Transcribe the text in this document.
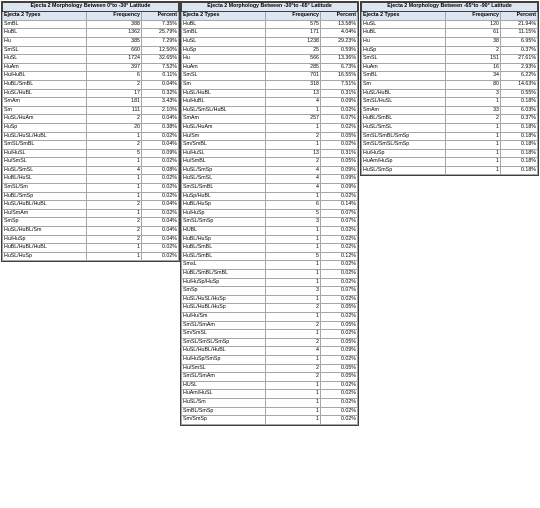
Ejecta 2 Morphology Between 0°to -30° Latitude		
Ejecta 2 Types	Frequency	Percent
SmBL	388	7.35%
HuBL	1362	25.79%
Hu	385	7.29%
SmSL	660	12.50%
HuSL	1724	32.65%
HuAm	397	7.52%
Hu/HuBL	6	0.11%
HuBL/SmBL	2	0.04%
HuSL/HuBL	17	0.32%
SmAm	181	3.43%
Sm	111	2.10%
HuSL/HuAm	2	0.04%
HuSp	20	0.38%
HuSL/HuSL/HuBL	1	0.02%
SmSL/SmBL	2	0.04%
Hu/HuSL	5	0.09%
Hu/SmSL	1	0.02%
HuSL/SmSL	4	0.08%
HuBL/HuSL	1	0.02%
SmSL/Sm	1	0.02%
HuBL/SmSp	1	0.02%
HuSL/HuBL/HuBL	2	0.04%
Hu/SmAm	1	0.02%
SmSp	2	0.04%
HuSL/HuBL/Sm	2	0.04%
Hu/HuSp	2	0.04%
HuBL/HuBL/HuBL	1	0.02%
HuSL/HuSp	1	0.02%
Ejecta 2 Morphology Between -30°to -65° Latitude		
Ejecta 2 Types	Frequency	Percent
HuBL	575	13.58%
SmBL	171	4.04%
HuSL	1238	29.23%
HuSp	25	0.59%
Hu	566	13.36%
HuAm	285	6.73%
SmSL	701	16.55%
Sm	318	7.51%
HuSL/HuBL	13	0.31%
Hu/HuBL	4	0.09%
HuSL/SmSL/HuBL	1	0.02%
SmAm	257	6.07%
HuSL/HuAm	1	0.02%
Hu/Sm	2	0.05%
Sm/SmBL	1	0.02%
Hu/HuSL	13	0.31%
Hu/SmBL	2	0.05%
HuSL/SmSp	4	0.09%
HuSL/SmSL	4	0.09%
SmSL/SmBL	4	0.09%
HuSp/HuBL	1	0.02%
HuBL/HuSp	6	0.14%
Hu/HuSp	5	0.07%
SmSL/SmSp	3	0.07%
HUBL	1	0.02%
HuBL/HuSp	1	0.02%
HuBL/SmBL	1	0.02%
HuSL/SmBL	5	0.12%
SmsL	1	0.02%
HuBL/SmBL/SmBL	1	0.02%
Hu/HuSp/HuSp	1	0.02%
SmSp	3	0.07%
HuSL/HuSL/HuSp	1	0.02%
HuSL/HuBL/HuSp	2	0.05%
Hu/Hu/Sm	1	0.02%
SmSL/SmAm	2	0.05%
Sm/SmSL	1	0.02%
SmSL/SmSL/SmSp	2	0.05%
HuSL/HuBL/HuBL	4	0.09%
Hu/HuSp/SmSp	1	0.02%
Hu/SmSL	2	0.05%
SmSL/SmAm	2	0.05%
HUSL	1	0.02%
HuAm/HuSL	1	0.02%
HuSL/Sm	1	0.02%
SmBL/SmSp	1	0.02%
Sm/SmSp	1	0.02%
Ejecta 2 Morphology Between -65°to -90° Latitude		
Ejecta 2 Types	Frequency	Percent
HuSL	120	21.94%
HuBL	61	11.15%
Hu	38	6.95%
HuSp	2	0.37%
SmSL	151	27.61%
HuAm	16	2.93%
SmBL	34	6.22%
Sm	80	14.63%
HuSL/HuBL	3	0.55%
SmSL/HuSL	1	0.18%
SmAm	33	6.03%
HuBL/SmBL	2	0.37%
HuSL/SmSL	1	0.18%
SmSL/SmBL/SmSp	1	0.18%
SmSL/SmSL/SmSp	1	0.18%
Hu/HuSp	1	0.18%
HuAm/HuSp	1	0.18%
HuSL/SmSp	1	0.18%
